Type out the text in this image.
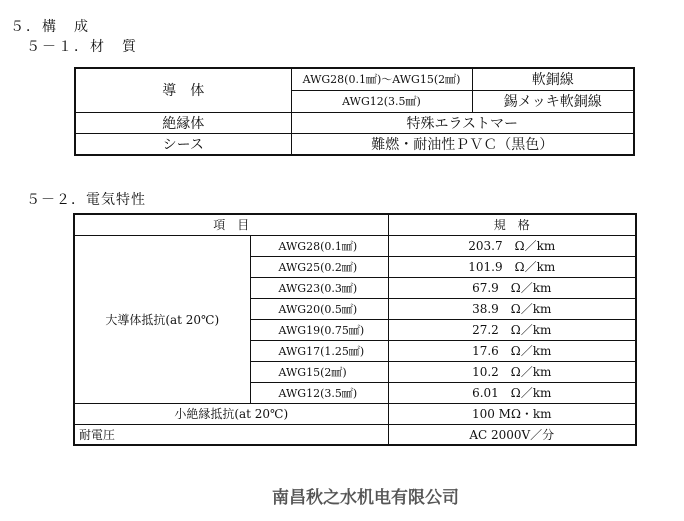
５．構　成
５－１．材　質
導　体	AWG28(0.1㎟)～AWG15(2㎟)	軟銅線
	AWG12(3.5㎟)	錫メッキ軟銅線
絶縁体	特殊エラストマー	
シース	難燃・耐油性ＰＶＣ（黒色）	
５－２．電気特性
項　目		規　格
大導体抵抗(at 20℃)	AWG28(0.1㎟)	203.7　Ω／km
	AWG25(0.2㎟)	101.9　Ω／km
	AWG23(0.3㎟)	67.9　Ω／km
	AWG20(0.5㎟)	38.9　Ω／km
	AWG19(0.75㎟)	27.2　Ω／km
	AWG17(1.25㎟)	17.6　Ω／km
	AWG15(2㎟)	10.2　Ω／km
	AWG12(3.5㎟)	6.01　Ω／km
小絶縁抵抗(at 20℃)		100 MΩ・km
耐電圧		AC 2000V／分
南昌秋之水机电有限公司
